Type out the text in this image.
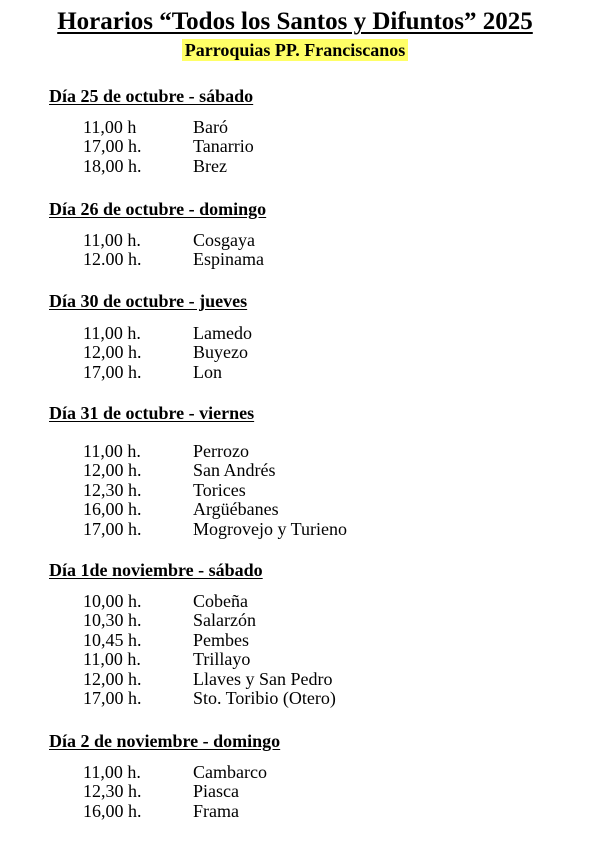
Horarios “Todos los Santos y Difuntos” 2025
Parroquias PP. Franciscanos
Día 25 de octubre - sábado
11,00 h	Baró
17,00 h.	Tanarrio
18,00 h.	Brez
Día 26 de octubre - domingo
11,00 h.	Cosgaya
12.00 h.	Espinama
Día 30 de octubre - jueves
11,00 h.	Lamedo
12,00 h.	Buyezo
17,00 h.	Lon
Día 31 de octubre - viernes
11,00 h.	Perrozo
12,00 h.	San Andrés
12,30 h.	Torices
16,00 h.	Argüébanes
17,00 h.	Mogrovejo y Turieno
Día 1de noviembre - sábado
10,00 h.	Cobeña
10,30 h.	Salarzón
10,45 h.	Pembes
11,00 h.	Trillayo
12,00 h.	Llaves y San Pedro
17,00 h.	Sto. Toribio (Otero)
Día 2 de noviembre - domingo
11,00 h.	Cambarco
12,30 h.	Piasca
16,00 h.	Frama
